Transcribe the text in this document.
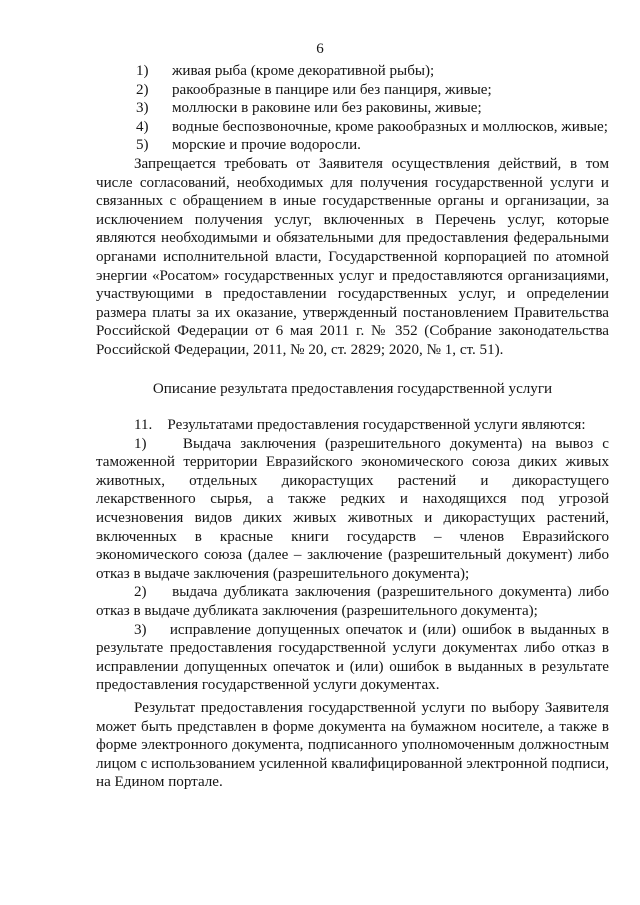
6
1)	живая рыба (кроме декоративной рыбы);
2)	ракообразные в панцире или без панциря, живые;
3)	моллюски в раковине или без раковины, живые;
4)	водные беспозвоночные, кроме ракообразных и моллюсков, живые;
5)	морские и прочие водоросли.

Запрещается требовать от Заявителя осуществления действий, в том числе согласований, необходимых для получения государственной услуги и связанных с обращением в иные государственные органы и организации, за исключением получения услуг, включенных в Перечень услуг, которые являются необходимыми и обязательными для предоставления федеральными органами исполнительной власти, Государственной корпорацией по атомной энергии «Росатом» государственных услуг и предоставляются организациями, участвующими в предоставлении государственных услуг, и определении размера платы за их оказание, утвержденный постановлением Правительства Российской Федерации от 6 мая 2011 г. № 352 (Собрание законодательства Российской Федерации, 2011, № 20, ст. 2829; 2020, № 1, ст. 51).

Описание результата предоставления государственной услуги

11.    Результатами предоставления государственной услуги являются:

1)    Выдача заключения (разрешительного документа) на вывоз с таможенной территории Евразийского экономического союза диких живых животных, отдельных дикорастущих растений и дикорастущего лекарственного сырья, а также редких и находящихся под угрозой исчезновения видов диких живых животных и дикорастущих растений, включенных в красные книги государств – членов Евразийского экономического союза (далее – заключение (разрешительный документ) либо отказ в выдаче заключения (разрешительного документа);

2)    выдача дубликата заключения (разрешительного документа) либо отказ в выдаче дубликата заключения (разрешительного документа);

3)    исправление допущенных опечаток и (или) ошибок в выданных в результате предоставления государственной услуги документах либо отказ в исправлении допущенных опечаток и (или) ошибок в выданных в результате предоставления государственной услуги документах.

Результат предоставления государственной услуги по выбору Заявителя может быть представлен в форме документа на бумажном носителе, а также в форме электронного документа, подписанного уполномоченным должностным лицом с использованием усиленной квалифицированной электронной подписи, на Едином портале.
